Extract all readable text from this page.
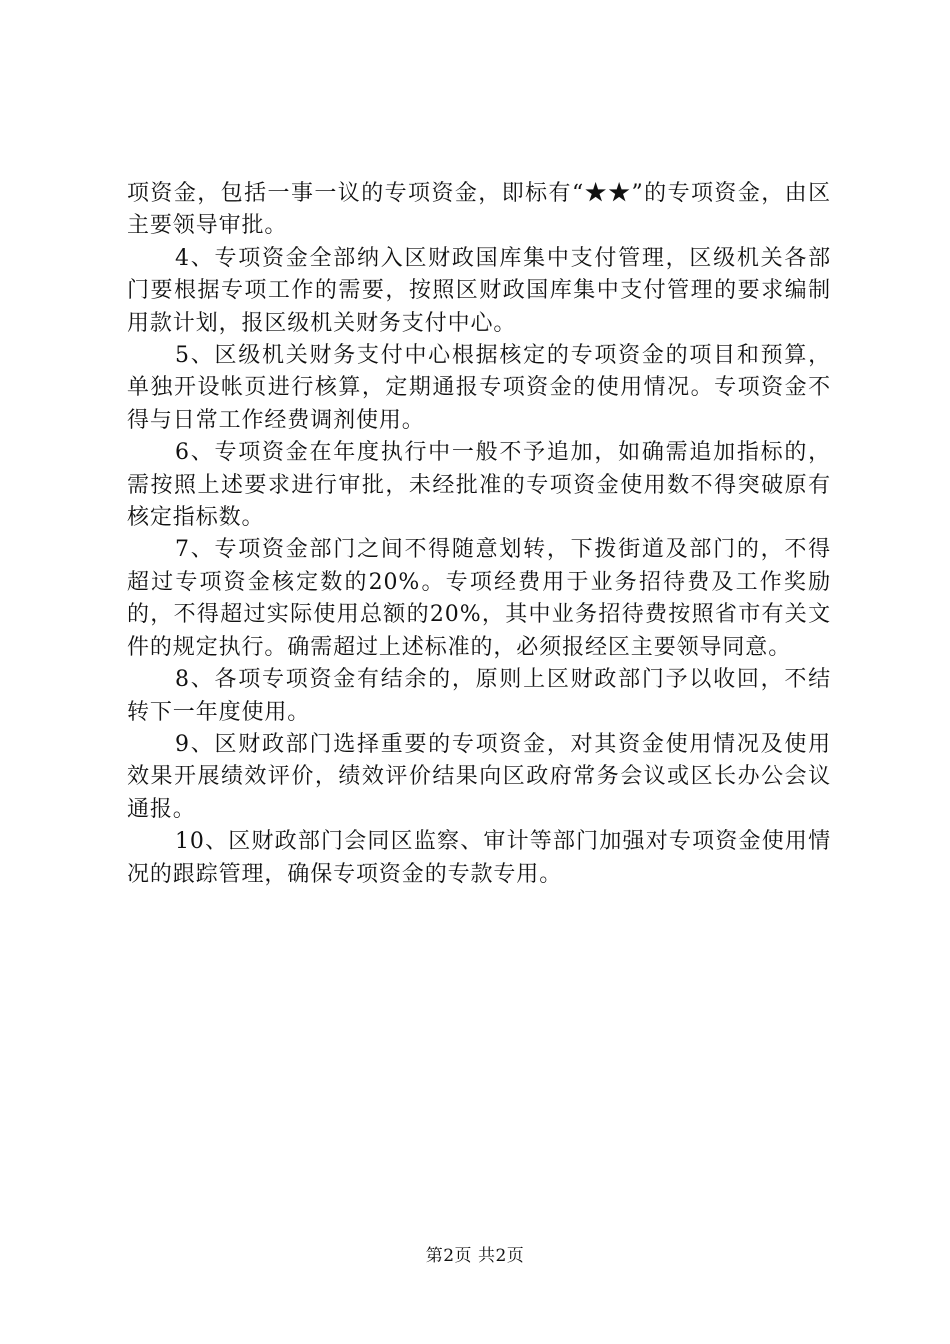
项资金，包括一事一议的专项资金，即标有“★★”的专项资金，由区主要领导审批。

4、专项资金全部纳入区财政国库集中支付管理，区级机关各部门要根据专项工作的需要，按照区财政国库集中支付管理的要求编制用款计划，报区级机关财务支付中心。

5、区级机关财务支付中心根据核定的专项资金的项目和预算，单独开设帐页进行核算，定期通报专项资金的使用情况。专项资金不得与日常工作经费调剂使用。

6、专项资金在年度执行中一般不予追加，如确需追加指标的，需按照上述要求进行审批，未经批准的专项资金使用数不得突破原有核定指标数。

7、专项资金部门之间不得随意划转，下拨街道及部门的，不得超过专项资金核定数的20%。专项经费用于业务招待费及工作奖励的，不得超过实际使用总额的20%，其中业务招待费按照省市有关文件的规定执行。确需超过上述标准的，必须报经区主要领导同意。

8、各项专项资金有结余的，原则上区财政部门予以收回，不结转下一年度使用。

9、区财政部门选择重要的专项资金，对其资金使用情况及使用效果开展绩效评价，绩效评价结果向区政府常务会议或区长办公会议通报。

10、区财政部门会同区监察、审计等部门加强对专项资金使用情况的跟踪管理，确保专项资金的专款专用。

第2页 共2页
